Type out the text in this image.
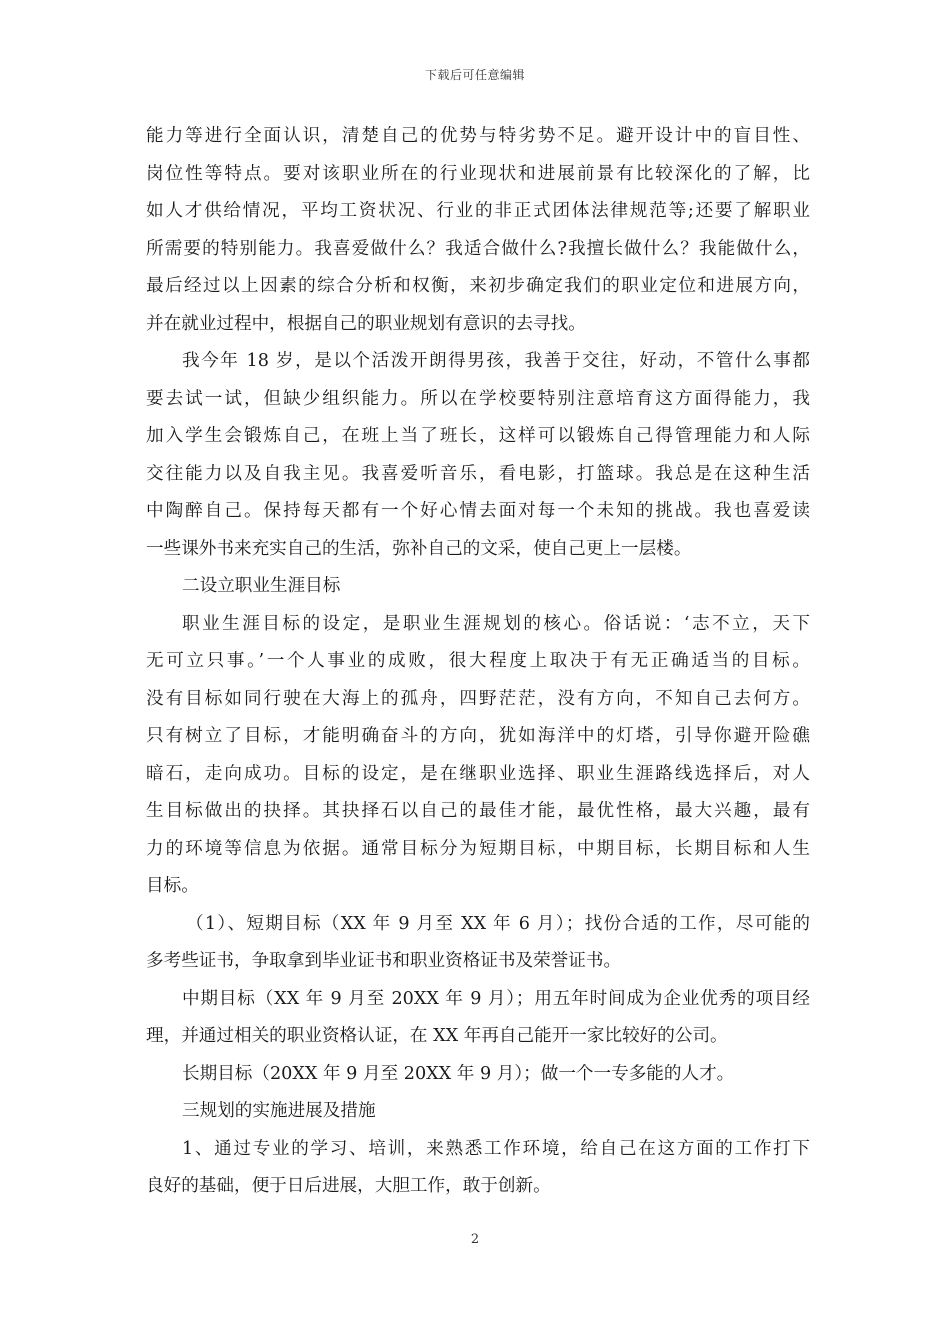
下载后可任意编辑
能力等进行全面认识，清楚自己的优势与特劣势不足。避开设计中的盲目性、
岗位性等特点。要对该职业所在的行业现状和进展前景有比较深化的了解，比
如人才供给情况，平均工资状况、行业的非正式团体法律规范等;还要了解职业
所需要的特别能力。我喜爱做什么？我适合做什么?我擅长做什么？我能做什么，
最后经过以上因素的综合分析和权衡，来初步确定我们的职业定位和进展方向，
并在就业过程中，根据自己的职业规划有意识的去寻找。
我今年 18 岁，是以个活泼开朗得男孩，我善于交往，好动，不管什么事都
要去试一试，但缺少组织能力。所以在学校要特别注意培育这方面得能力，我
加入学生会锻炼自己，在班上当了班长，这样可以锻炼自己得管理能力和人际
交往能力以及自我主见。我喜爱听音乐，看电影，打篮球。我总是在这种生活
中陶醉自己。保持每天都有一个好心情去面对每一个未知的挑战。我也喜爱读
一些课外书来充实自己的生活，弥补自己的文采，使自己更上一层楼。
二设立职业生涯目标
职业生涯目标的设定，是职业生涯规划的核心。俗话说：‘志不立，天下
无可立只事。’一个人事业的成败，很大程度上取决于有无正确适当的目标。
没有目标如同行驶在大海上的孤舟，四野茫茫，没有方向，不知自己去何方。
只有树立了目标，才能明确奋斗的方向，犹如海洋中的灯塔，引导你避开险礁
暗石，走向成功。目标的设定，是在继职业选择、职业生涯路线选择后，对人
生目标做出的抉择。其抉择石以自己的最佳才能，最优性格，最大兴趣，最有
力的环境等信息为依据。通常目标分为短期目标，中期目标，长期目标和人生
目标。
（1）、短期目标（XX 年 9 月至 XX 年 6 月）；找份合适的工作，尽可能的
多考些证书，争取拿到毕业证书和职业资格证书及荣誉证书。
中期目标（XX 年 9 月至 20XX 年 9 月）；用五年时间成为企业优秀的项目经
理，并通过相关的职业资格认证，在 XX 年再自己能开一家比较好的公司。
长期目标（20XX 年 9 月至 20XX 年 9 月）；做一个一专多能的人才。
三规划的实施进展及措施
1、通过专业的学习、培训，来熟悉工作环境，给自己在这方面的工作打下
良好的基础，便于日后进展，大胆工作，敢于创新。
2
